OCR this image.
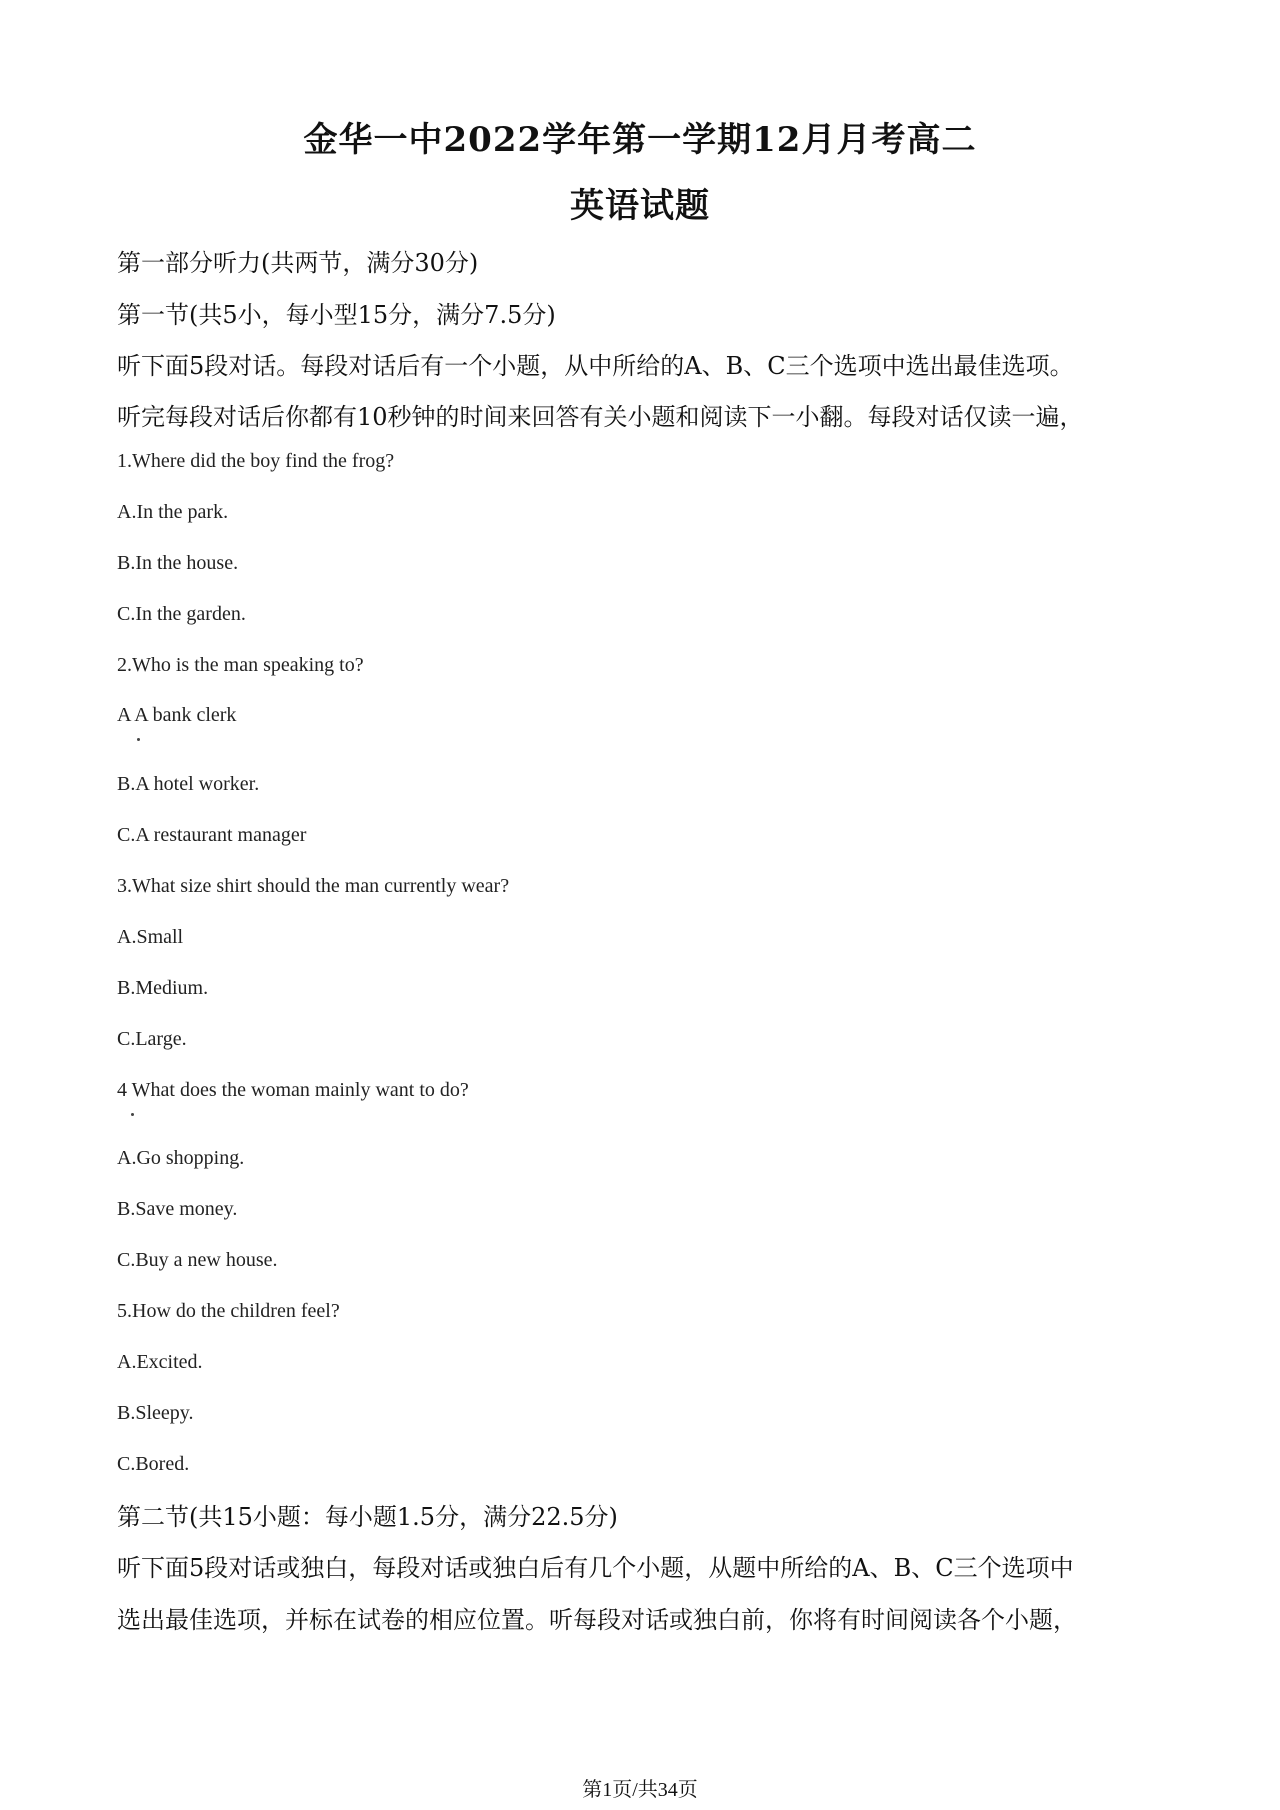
金华一中2022学年第一学期12月月考高二
英语试题
第一部分听力(共两节，满分30分)
第一节(共5小，每小型15分，满分7.5分)
听下面5段对话。每段对话后有一个小题，从中所给的A、B、C三个选项中选出最佳选项。
听完每段对话后你都有10秒钟的时间来回答有关小题和阅读下一小翻。每段对话仅读一遍，
1.Where did the boy find the frog?
A.In the park.
B.In the house.
C.In the garden.
2.Who is the man speaking to?
A A bank clerk
B.A hotel worker.
C.A restaurant manager
3.What size shirt should the man currently wear?
A.Small
B.Medium.
C.Large.
4 What does the woman mainly want to do?
A.Go shopping.
B.Save money.
C.Buy a new house.
5.How do the children feel?
A.Excited.
B.Sleepy.
C.Bored.
第二节(共15小题：每小题1.5分，满分22.5分)
听下面5段对话或独白，每段对话或独白后有几个小题，从题中所给的A、B、C三个选项中
选出最佳选项，并标在试卷的相应位置。听每段对话或独白前，你将有时间阅读各个小题，
第1页/共34页
